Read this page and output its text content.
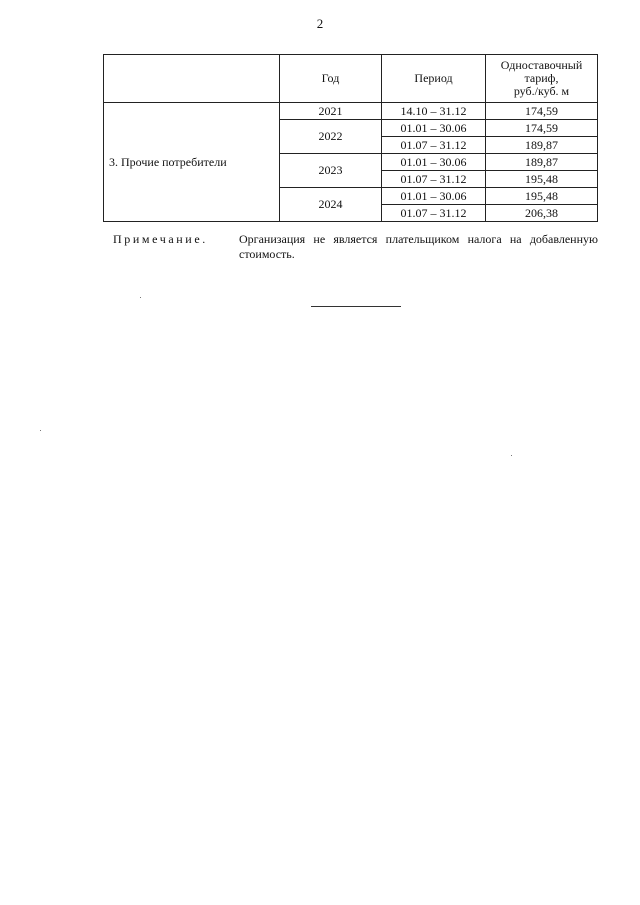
2
	Год	Период	Одноставочный
тариф,
руб./куб. м

3. Прочие потребители	2021	14.10 – 31.12	174,59
	2022	01.01 – 30.06	174,59
		01.07 – 31.12	189,87
	2023	01.01 – 30.06	189,87
		01.07 – 31.12	195,48
	2024	01.01 – 30.06	195,48
		01.07 – 31.12	206,38
Примечание.	Организация не является плательщиком налога на добавленную стоимость.
